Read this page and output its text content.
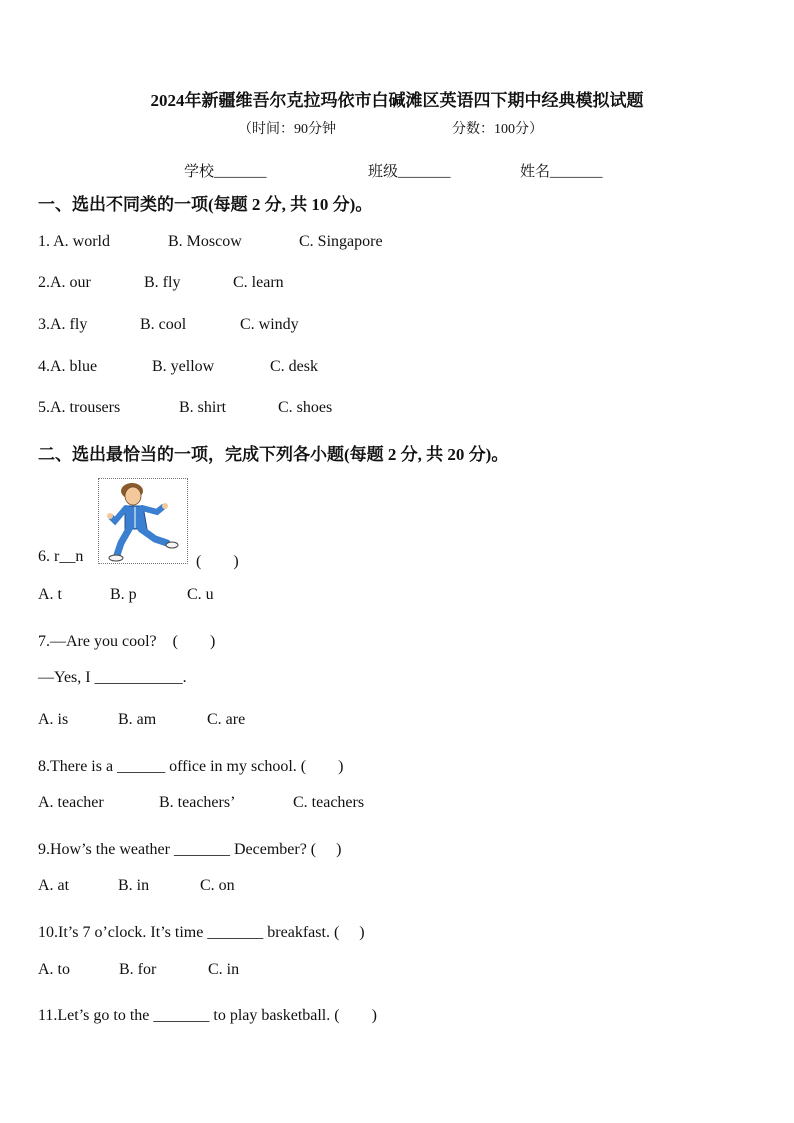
2024年新疆维吾尔克拉玛依市白碱滩区英语四下期中经典模拟试题
（时间：90分钟	分数：100分）
学校_______	班级_______	姓名_______
一、选出不同类的一项(每题 2 分, 共 10 分)。
1. A. world	B. Moscow	C. Singapore
2.A. our	B. fly	C. learn
3.A. fly	B. cool	C. windy
4.A. blue	B. yellow	C. desk
5.A. trousers	B. shirt	C. shoes
二、选出最恰当的一项，完成下列各小题(每题 2 分, 共 20 分)。
6. r__n	(　　)
A. t	B. p	C. u
7.—Are you cool?　(　　)
—Yes, I ___________.
A. is	B. am	C. are
8.There is a ______ office in my school. (　　)
A. teacher	B. teachers’	C. teachers
9.How’s the weather _______ December? (　 )
A. at	B. in	C. on
10.It’s 7 o’clock. It’s time _______ breakfast. (　 )
A. to	B. for	C. in
11.Let’s go to the _______ to play basketball. (　　)
